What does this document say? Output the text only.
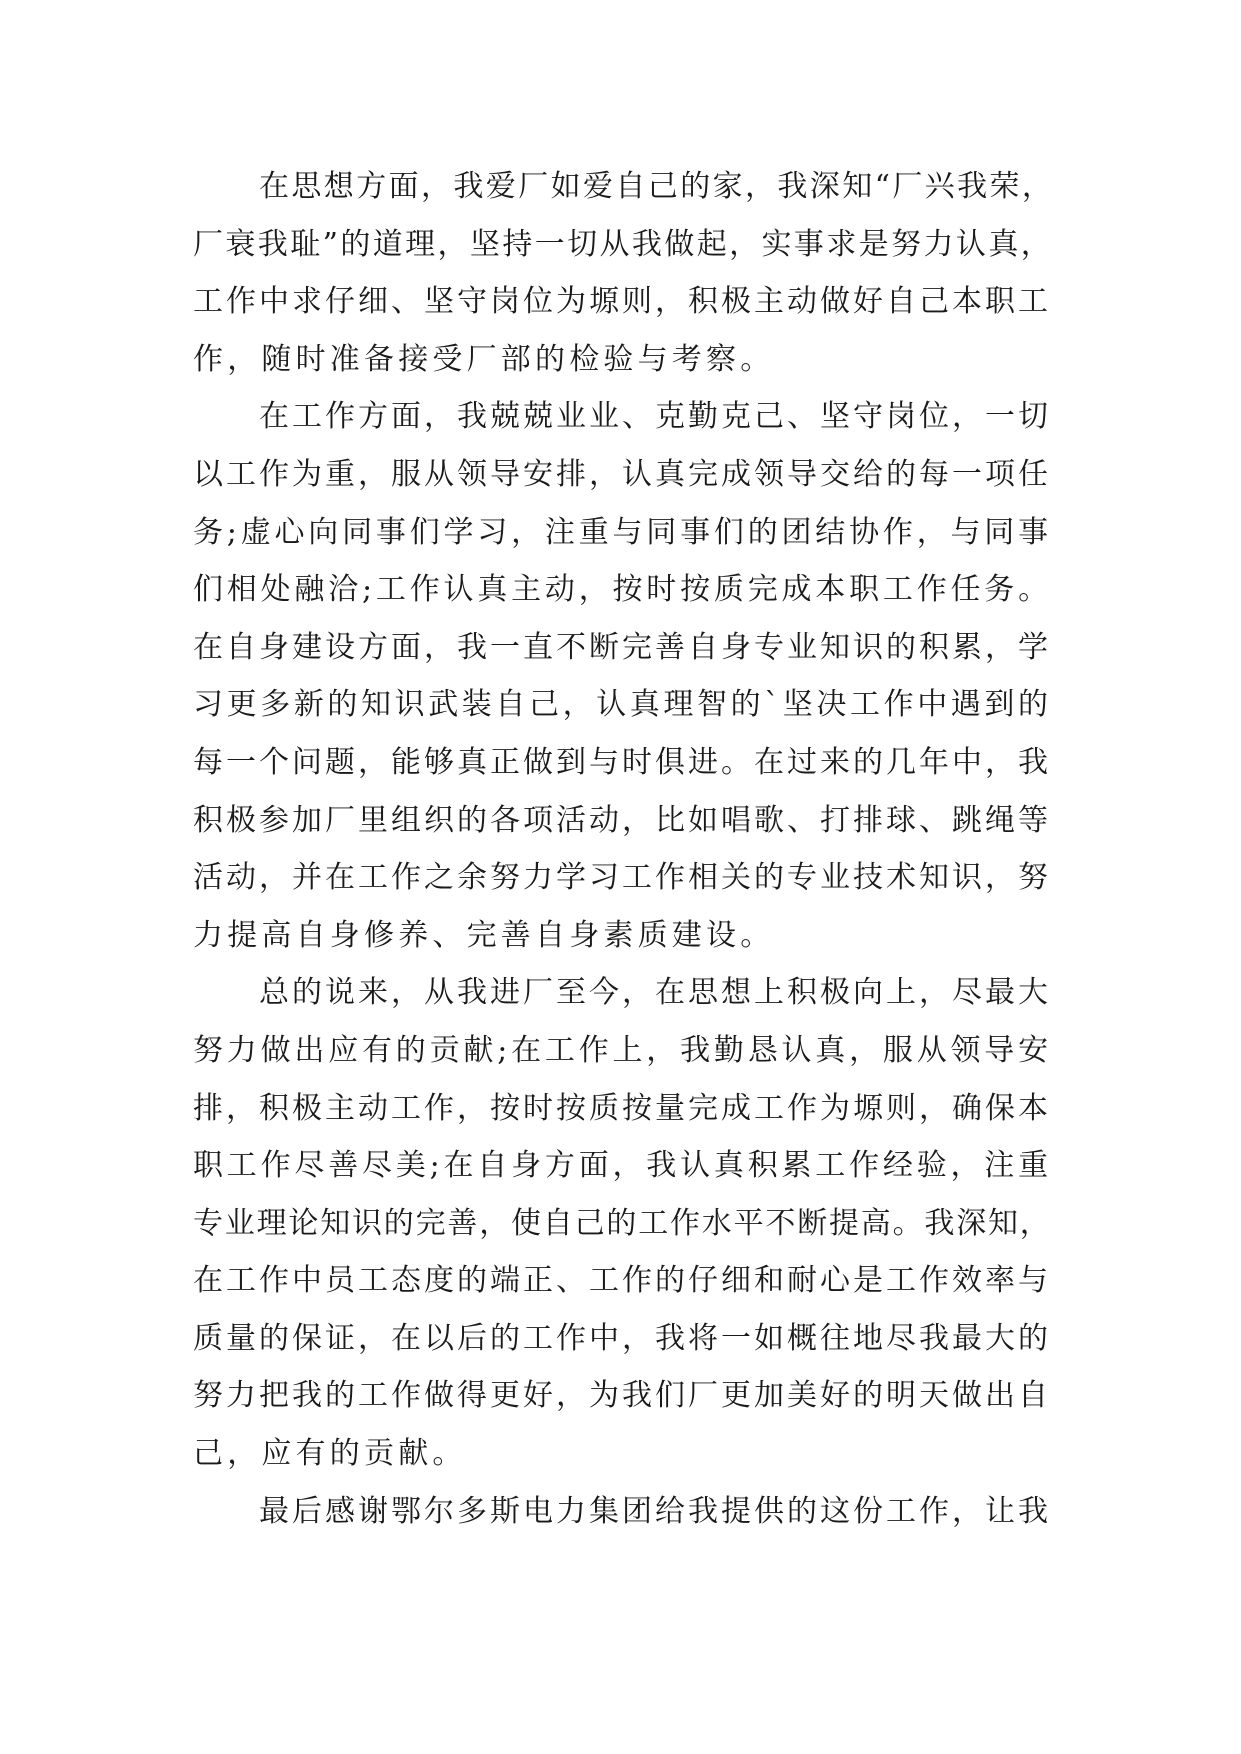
在思想方面，我爱厂如爱自己的家，我深知“厂兴我荣，
厂衰我耻”的道理，坚持一切从我做起，实事求是努力认真，
工作中求仔细、坚守岗位为塬则，积极主动做好自己本职工
作，随时准备接受厂部的检验与考察。
在工作方面，我兢兢业业、克勤克己、坚守岗位，一切
以工作为重，服从领导安排，认真完成领导交给的每一项任
务;虚心向同事们学习，注重与同事们的团结协作，与同事
们相处融洽;工作认真主动，按时按质完成本职工作任务。
在自身建设方面，我一直不断完善自身专业知识的积累，学
习更多新的知识武装自己，认真理智的`坚决工作中遇到的
每一个问题，能够真正做到与时俱进。在过来的几年中，我
积极参加厂里组织的各项活动，比如唱歌、打排球、跳绳等
活动，并在工作之余努力学习工作相关的专业技术知识，努
力提高自身修养、完善自身素质建设。
总的说来，从我进厂至今，在思想上积极向上，尽最大
努力做出应有的贡献;在工作上，我勤恳认真，服从领导安
排，积极主动工作，按时按质按量完成工作为塬则，确保本
职工作尽善尽美;在自身方面，我认真积累工作经验，注重
专业理论知识的完善，使自己的工作水平不断提高。我深知，
在工作中员工态度的端正、工作的仔细和耐心是工作效率与
质量的保证，在以后的工作中，我将一如概往地尽我最大的
努力把我的工作做得更好，为我们厂更加美好的明天做出自
己，应有的贡献。
最后感谢鄂尔多斯电力集团给我提供的这份工作，让我
